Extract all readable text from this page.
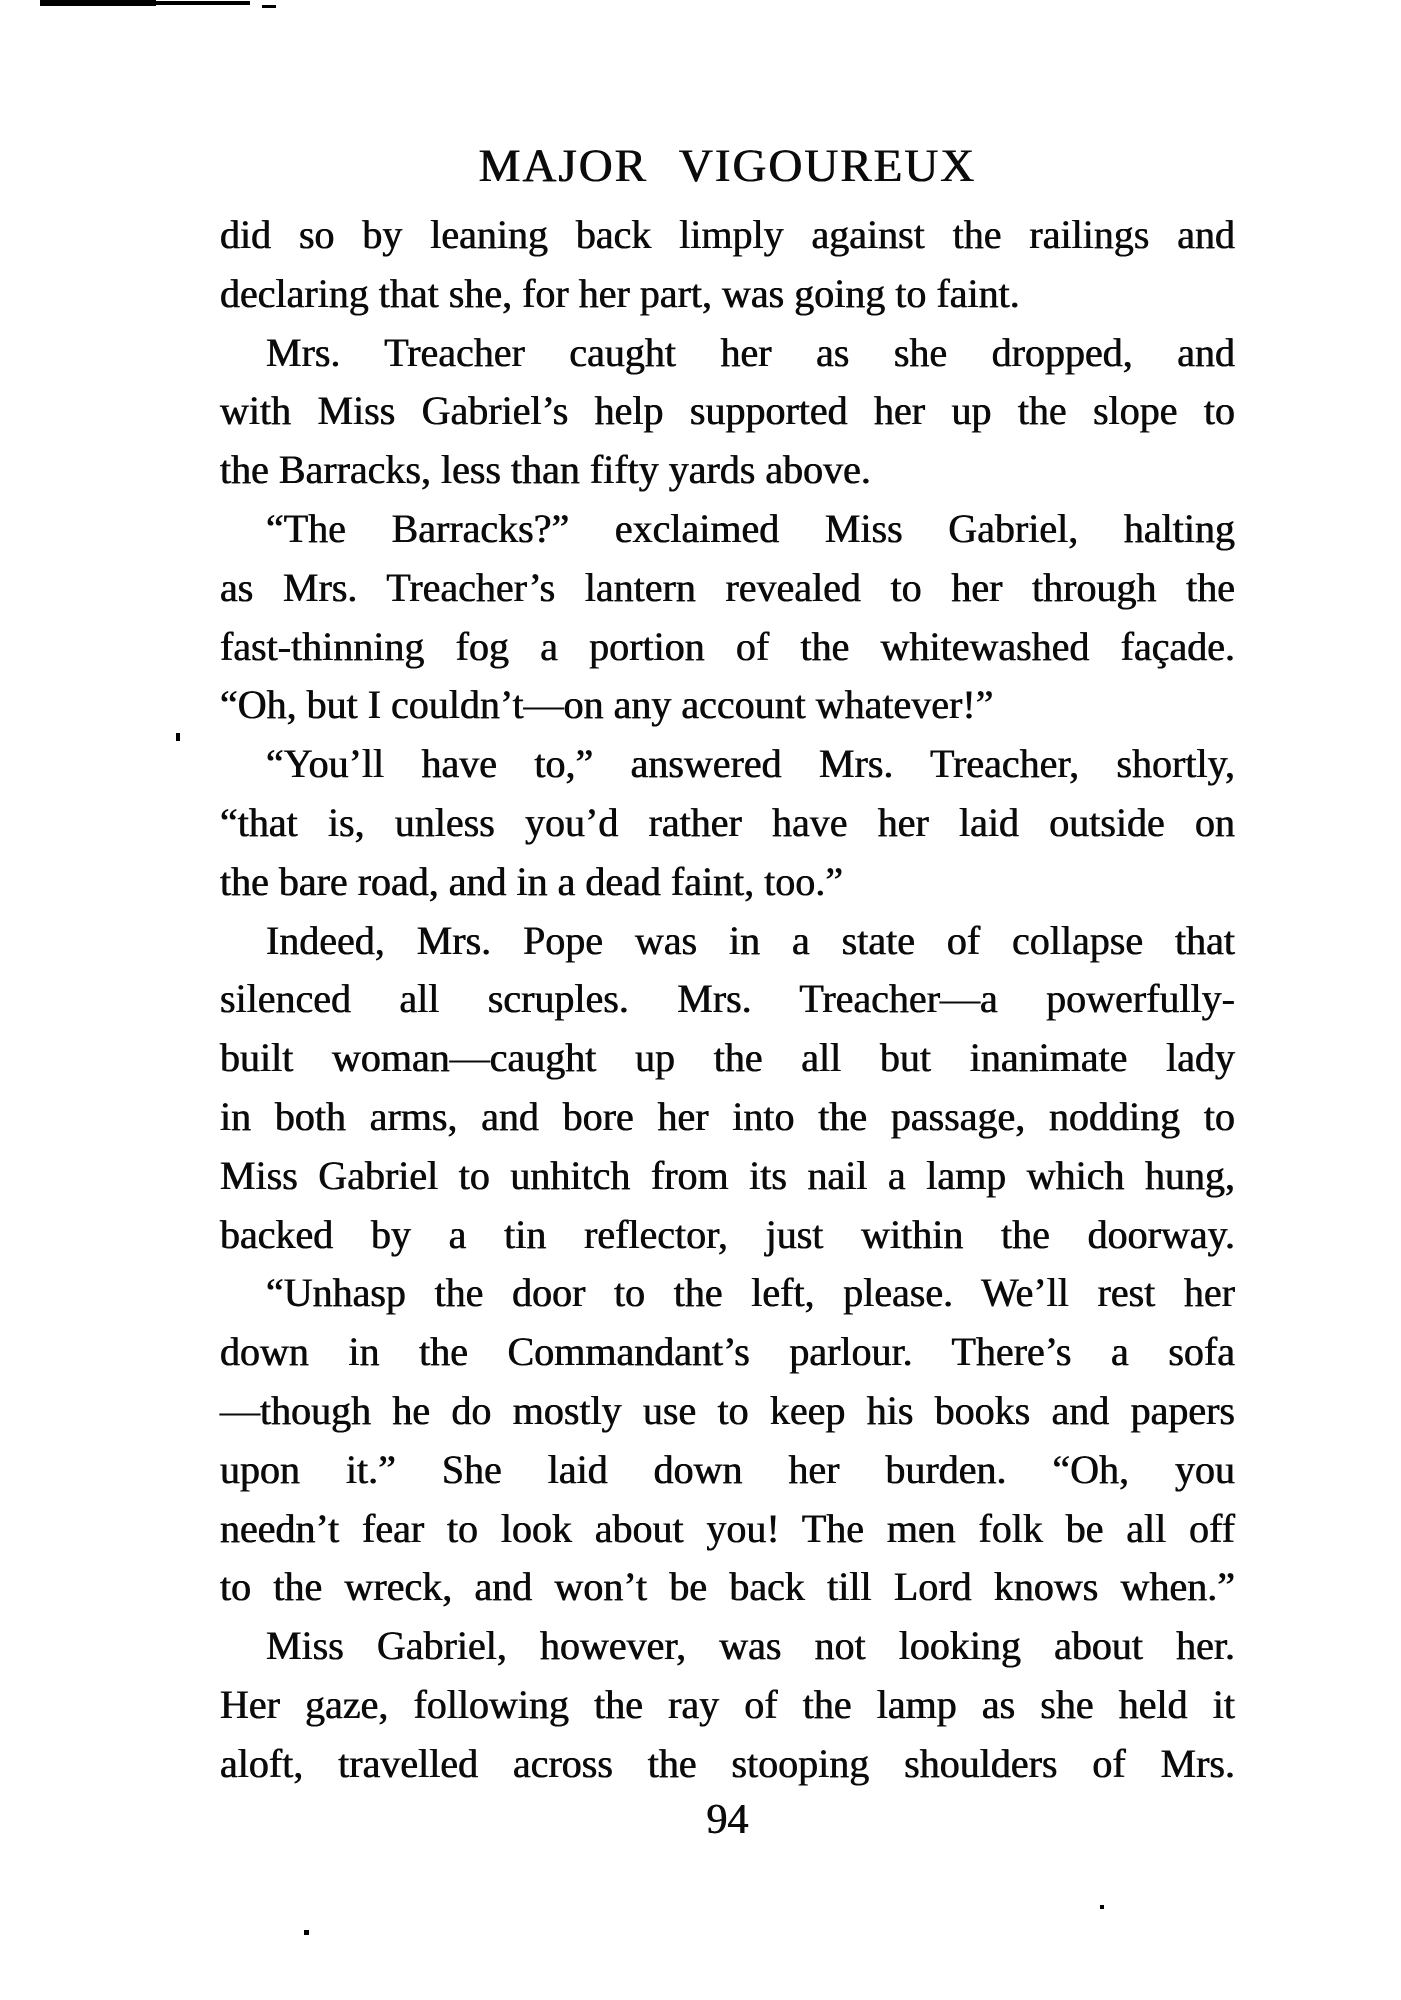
MAJOR VIGOUREUX
did so by leaning back limply against the railings and
declaring that she, for her part, was going to faint.
Mrs. Treacher caught her as she dropped, and
with Miss Gabriel’s help supported her up the slope to
the Barracks, less than fifty yards above.
“The Barracks?” exclaimed Miss Gabriel, halting
as Mrs. Treacher’s lantern revealed to her through the
fast-thinning fog a portion of the whitewashed façade.
“Oh, but I couldn’t—on any account whatever!”
“You’ll have to,” answered Mrs. Treacher, shortly,
“that is, unless you’d rather have her laid outside on
the bare road, and in a dead faint, too.”
Indeed, Mrs. Pope was in a state of collapse that
silenced all scruples. Mrs. Treacher—a powerfully-
built woman—caught up the all but inanimate lady
in both arms, and bore her into the passage, nodding to
Miss Gabriel to unhitch from its nail a lamp which hung,
backed by a tin reflector, just within the doorway.
“Unhasp the door to the left, please. We’ll rest her
down in the Commandant’s parlour. There’s a sofa
—though he do mostly use to keep his books and papers
upon it.” She laid down her burden. “Oh, you
needn’t fear to look about you! The men folk be all off
to the wreck, and won’t be back till Lord knows when.”
Miss Gabriel, however, was not looking about her.
Her gaze, following the ray of the lamp as she held it
aloft, travelled across the stooping shoulders of Mrs.
94
